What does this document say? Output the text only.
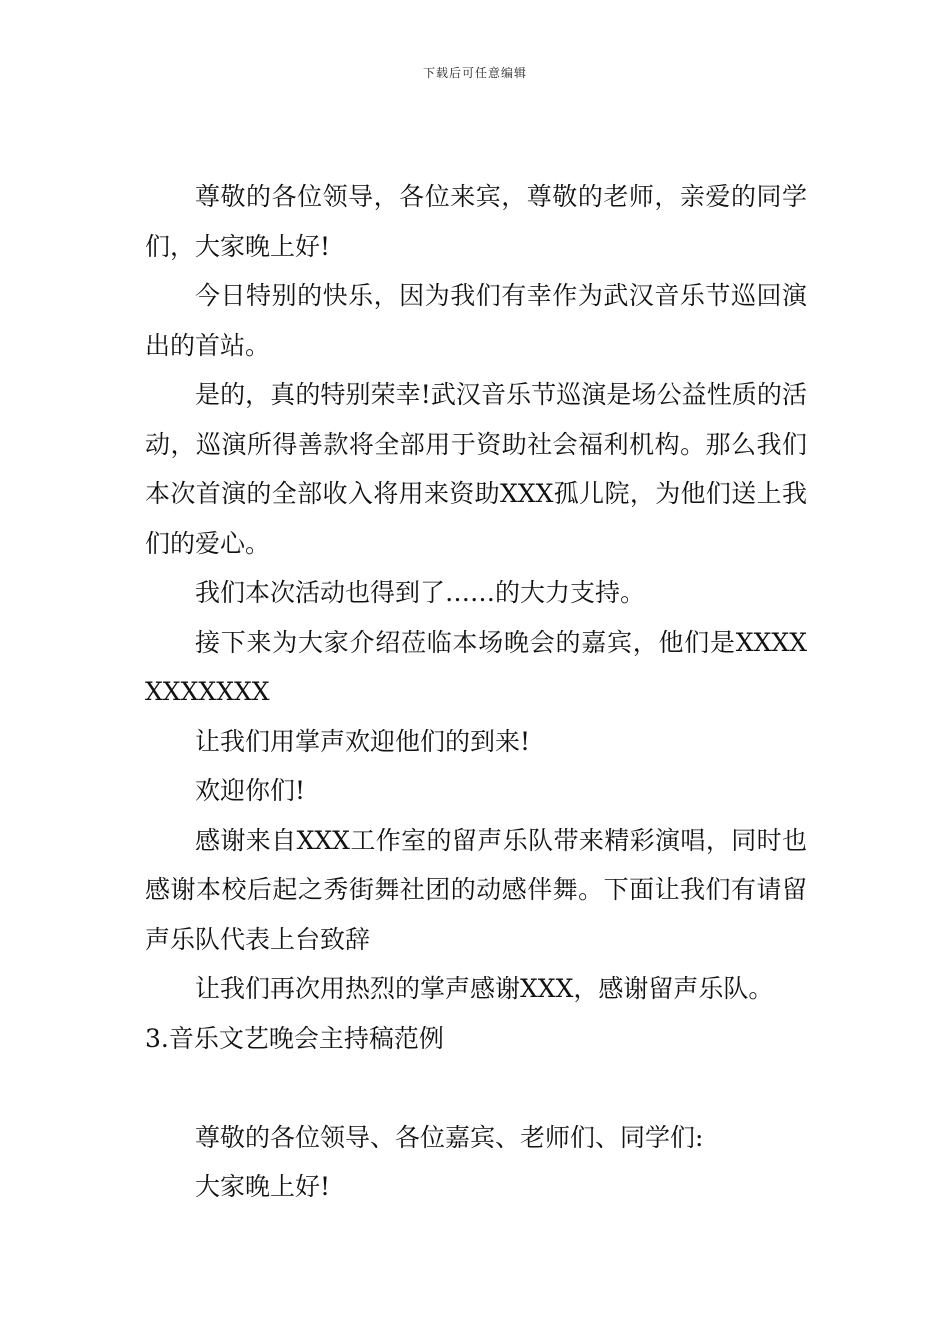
下载后可任意编辑

尊敬的各位领导，各位来宾，尊敬的老师，亲爱的同学们，大家晚上好!

今日特别的快乐，因为我们有幸作为武汉音乐节巡回演出的首站。

是的，真的特别荣幸!武汉音乐节巡演是场公益性质的活动，巡演所得善款将全部用于资助社会福利机构。那么我们本次首演的全部收入将用来资助XXX孤儿院，为他们送上我们的爱心。

我们本次活动也得到了……的大力支持。

接下来为大家介绍莅临本场晚会的嘉宾，他们是XXXXXXXXXXX

让我们用掌声欢迎他们的到来!

欢迎你们!

感谢来自XXX工作室的留声乐队带来精彩演唱，同时也感谢本校后起之秀街舞社团的动感伴舞。下面让我们有请留声乐队代表上台致辞

让我们再次用热烈的掌声感谢XXX，感谢留声乐队。

3.音乐文艺晚会主持稿范例

尊敬的各位领导、各位嘉宾、老师们、同学们:

大家晚上好!
